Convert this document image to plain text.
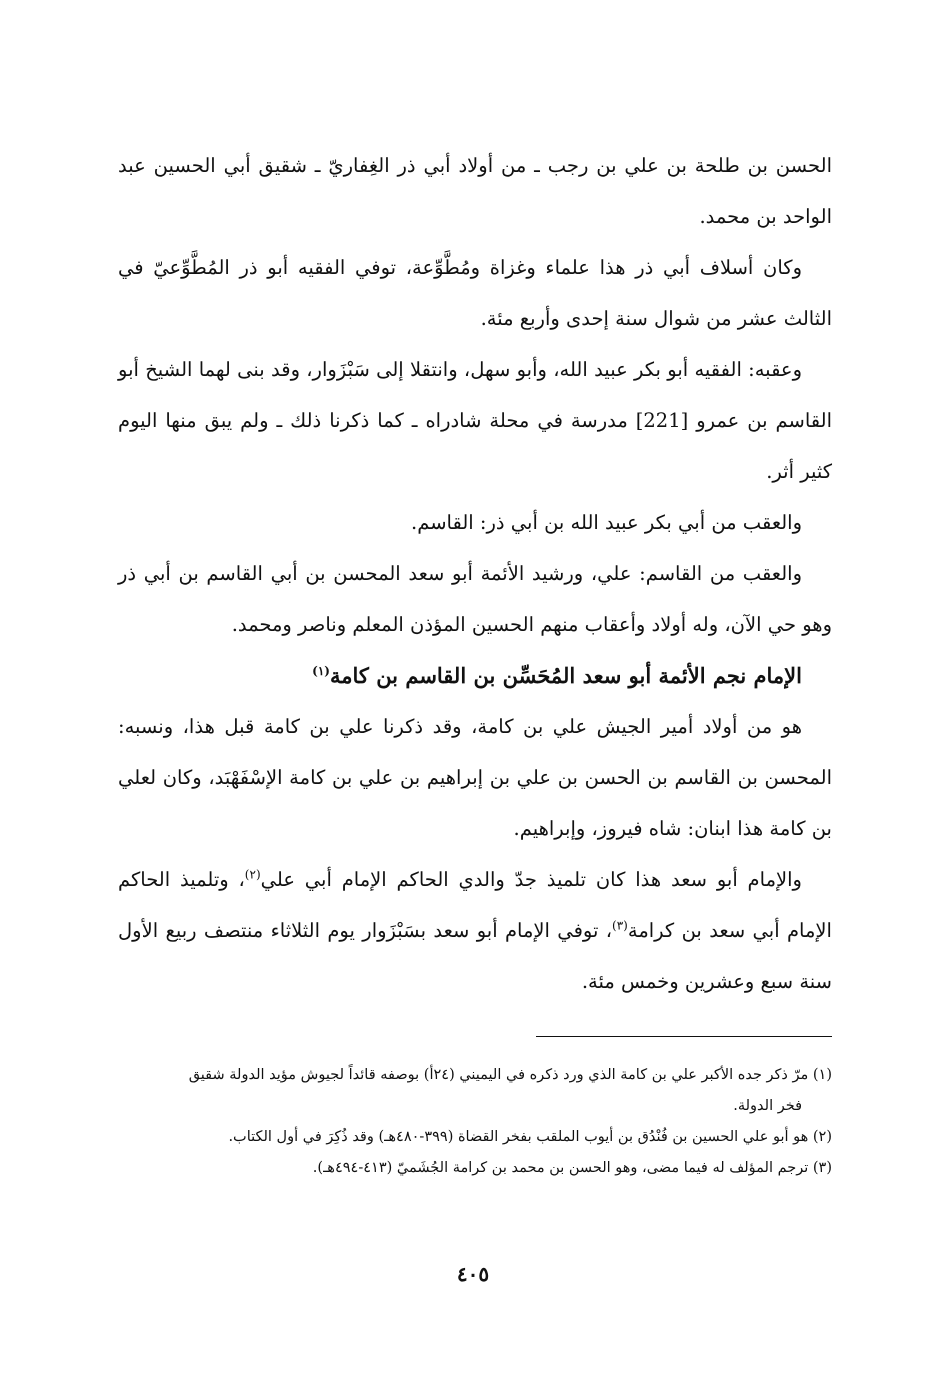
الحسن بن طلحة بن علي بن رجب ـ من أولاد أبي ذر الغِفاريّ ـ شقيق أبي الحسين عبد الواحد بن محمد.

وكان أسلاف أبي ذر هذا علماء وغزاة ومُطَّوِّعة، توفي الفقيه أبو ذر المُطَّوِّعيّ في الثالث عشر من شوال سنة إحدى وأربع مئة.

وعقبه: الفقيه أبو بكر عبيد الله، وأبو سهل، وانتقلا إلى سَبْزَوار، وقد بنى لهما الشيخ أبو القاسم بن عمرو [221] مدرسة في محلة شادراه ـ كما ذكرنا ذلك ـ ولم يبق منها اليوم كثير أثر.

والعقب من أبي بكر عبيد الله بن أبي ذر: القاسم.

والعقب من القاسم: علي، ورشيد الأئمة أبو سعد المحسن بن أبي القاسم بن أبي ذر وهو حي الآن، وله أولاد وأعقاب منهم الحسين المؤذن المعلم وناصر ومحمد.

الإمام نجم الأئمة أبو سعد المُحَسِّن بن القاسم بن كامة$^{(١)}$

هو من أولاد أمير الجيش علي بن كامة، وقد ذكرنا علي بن كامة قبل هذا، ونسبه: المحسن بن القاسم بن الحسن بن علي بن إبراهيم بن علي بن كامة الإسْفَهْبَد، وكان لعلي بن كامة هذا ابنان: شاه فيروز، وإبراهيم.

والإمام أبو سعد هذا كان تلميذ جدّ والدي الحاكم الإمام أبي علي$^{(٢)}$، وتلميذ الحاكم الإمام أبي سعد بن كرامة$^{(٣)}$، توفي الإمام أبو سعد بسَبْزَوار يوم الثلاثاء منتصف ربيع الأول سنة سبع وعشرين وخمس مئة.

(١) مرّ ذكر جده الأكبر علي بن كامة الذي ورد ذكره في اليميني (٢٤أ) بوصفه قائداً لجيوش مؤيد الدولة شقيق

فخر الدولة.

(٢) هو أبو علي الحسين بن فُنْدُق بن أيوب الملقب بفخر القضاة (٣٩٩-٤٨٠هـ) وقد ذُكِرَ في أول الكتاب.

(٣) ترجم المؤلف له فيما مضى، وهو الحسن بن محمد بن كرامة الجُشَميّ (٤١٣-٤٩٤هـ).

٤٠٥
